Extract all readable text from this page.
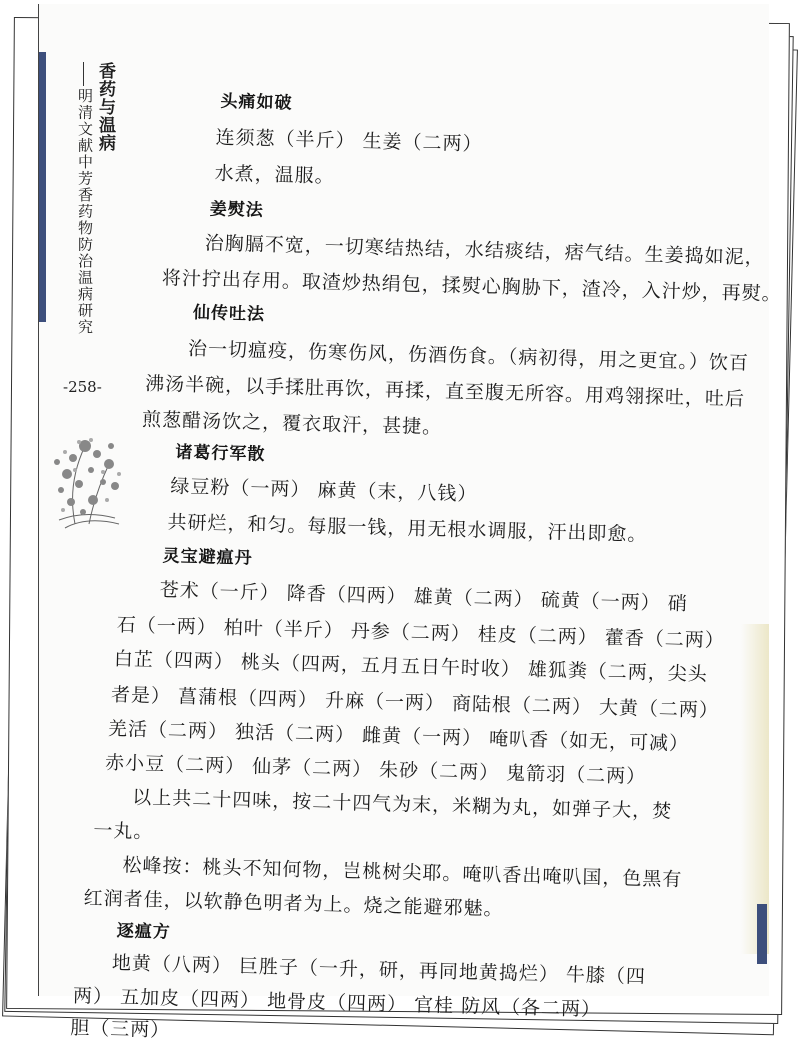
香药与温病

明清文献中芳香药物防治温病研究

-258-

头痛如破

连须葱（半斤） 生姜（二两）

水煮，温服。

姜熨法

治胸膈不宽，一切寒结热结，水结痰结，痞气结。生姜捣如泥，

将汁拧出存用。取渣炒热绢包，揉熨心胸胁下，渣冷，入汁炒，再熨。

仙传吐法

治一切瘟疫，伤寒伤风，伤酒伤食。（病初得，用之更宜。）饮百

沸汤半碗，以手揉肚再饮，再揉，直至腹无所容。用鸡翎探吐，吐后

煎葱醋汤饮之，覆衣取汗，甚捷。

诸葛行军散

绿豆粉（一两） 麻黄（末，八钱）

共研烂，和匀。每服一钱，用无根水调服，汗出即愈。

灵宝避瘟丹

苍术（一斤） 降香（四两） 雄黄（二两） 硫黄（一两） 硝

石（一两） 柏叶（半斤） 丹参（二两） 桂皮（二两） 藿香（二两）

白芷（四两） 桃头（四两，五月五日午时收） 雄狐粪（二两，尖头

者是） 菖蒲根（四两） 升麻（一两） 商陆根（二两） 大黄（二两）

羌活（二两） 独活（二两） 雌黄（一两） 唵叭香（如无，可减）

赤小豆（二两） 仙茅（二两） 朱砂（二两） 鬼箭羽（二两）

以上共二十四味，按二十四气为末，米糊为丸，如弹子大，焚

一丸。

松峰按：桃头不知何物，岂桃树尖耶。唵叭香出唵叭国，色黑有

红润者佳，以软静色明者为上。烧之能避邪魅。

逐瘟方

地黄（八两） 巨胜子（一升，研，再同地黄捣烂） 牛膝（四

两） 五加皮（四两） 地骨皮（四两） 官桂 防风（各二两）

胆（三两）
